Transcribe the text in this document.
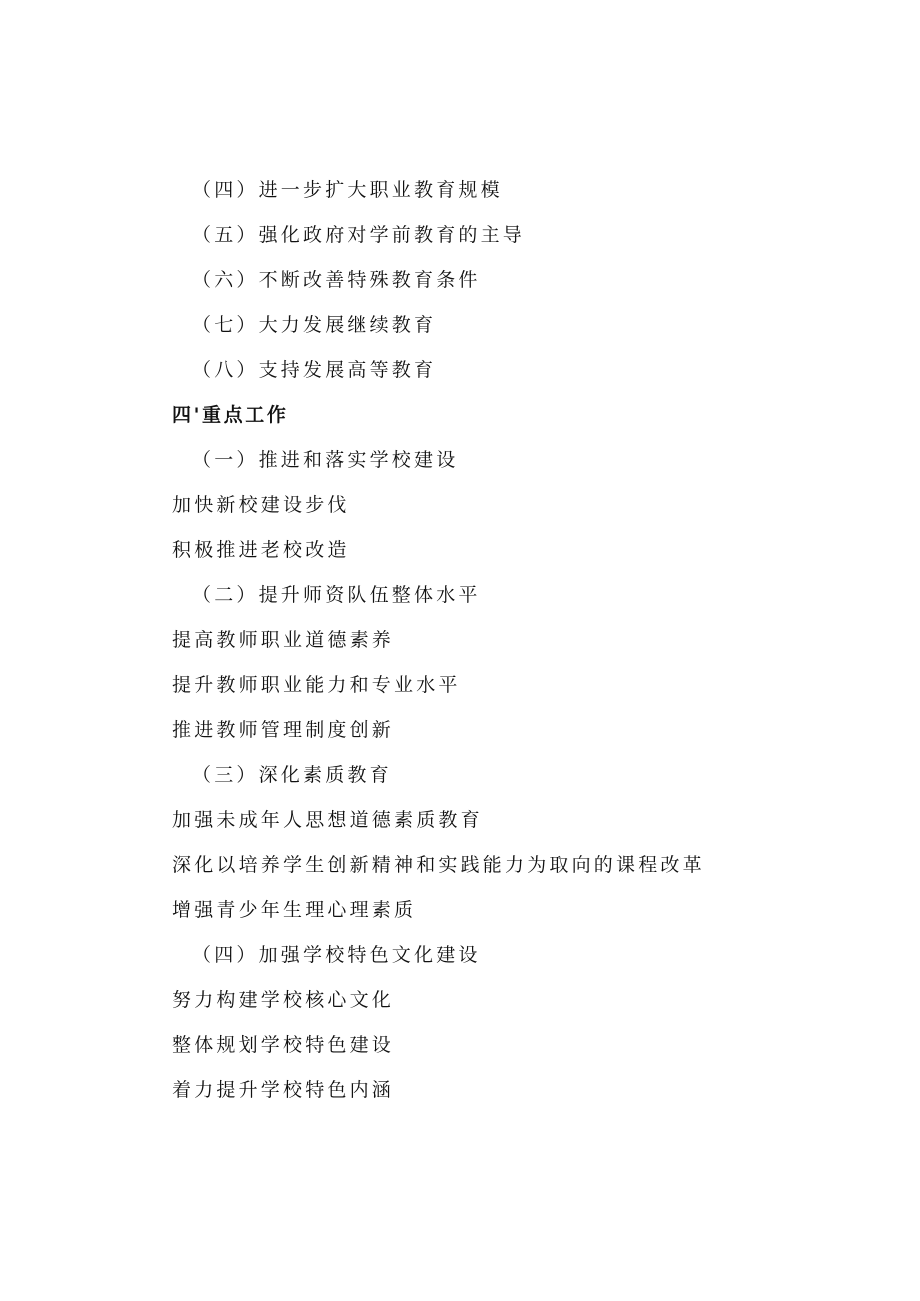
（四）进一步扩大职业教育规模
（五）强化政府对学前教育的主导
（六）不断改善特殊教育条件
（七）大力发展继续教育
（八）支持发展高等教育
四'重点工作
（一）推进和落实学校建设
加快新校建设步伐
积极推进老校改造
（二）提升师资队伍整体水平
提高教师职业道德素养
提升教师职业能力和专业水平
推进教师管理制度创新
（三）深化素质教育
加强未成年人思想道德素质教育
深化以培养学生创新精神和实践能力为取向的课程改革
增强青少年生理心理素质
（四）加强学校特色文化建设
努力构建学校核心文化
整体规划学校特色建设
着力提升学校特色内涵
